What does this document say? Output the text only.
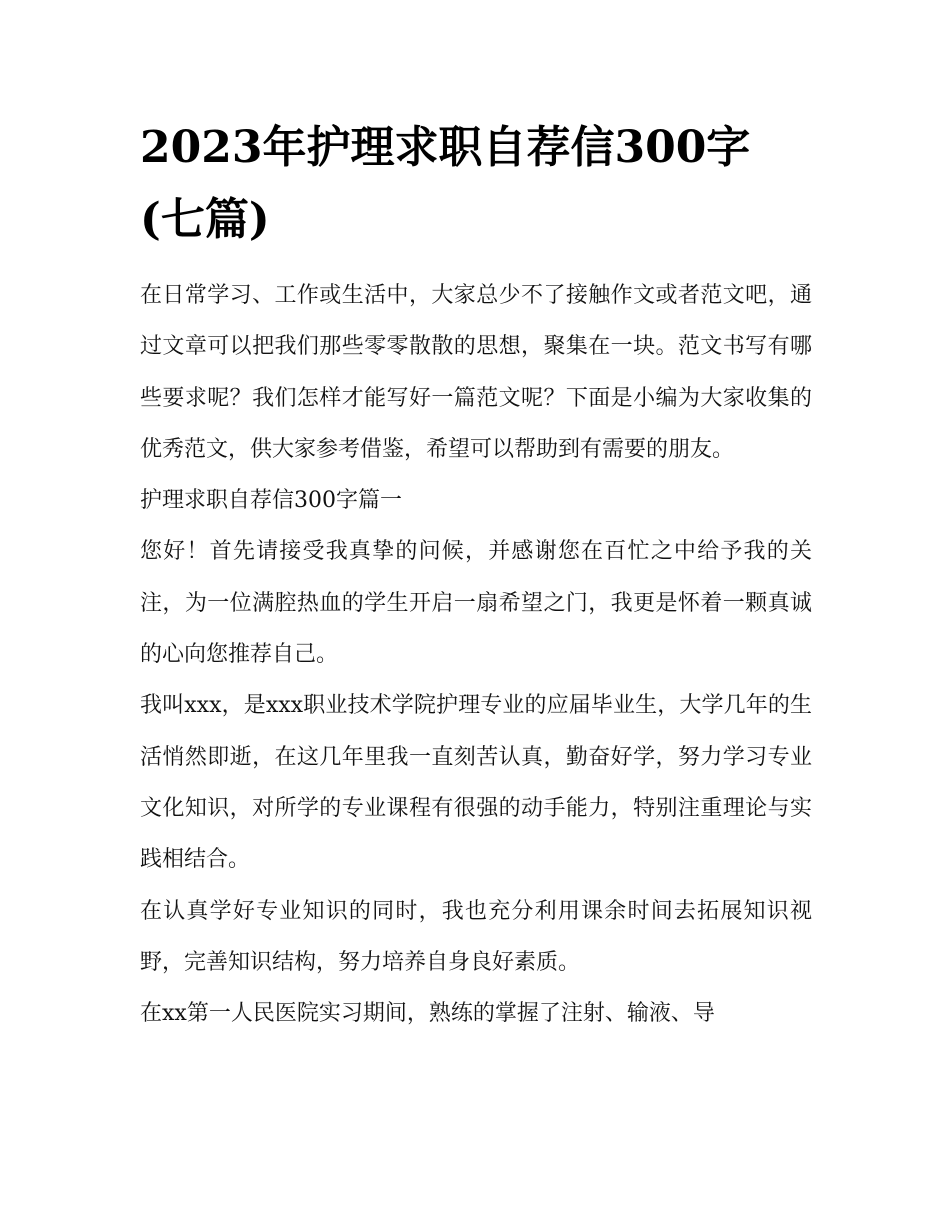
2023年护理求职自荐信300字(七篇)

在日常学习、工作或生活中，大家总少不了接触作文或者范文吧，通过文章可以把我们那些零零散散的思想，聚集在一块。范文书写有哪些要求呢？我们怎样才能写好一篇范文呢？下面是小编为大家收集的优秀范文，供大家参考借鉴，希望可以帮助到有需要的朋友。

护理求职自荐信300字篇一

您好！首先请接受我真挚的问候，并感谢您在百忙之中给予我的关注，为一位满腔热血的学生开启一扇希望之门，我更是怀着一颗真诚的心向您推荐自己。

我叫xxx，是xxx职业技术学院护理专业的应届毕业生，大学几年的生活悄然即逝，在这几年里我一直刻苦认真，勤奋好学，努力学习专业文化知识，对所学的专业课程有很强的动手能力，特别注重理论与实践相结合。

在认真学好专业知识的同时，我也充分利用课余时间去拓展知识视野，完善知识结构，努力培养自身良好素质。

在xx第一人民医院实习期间，熟练的掌握了注射、输液、导
